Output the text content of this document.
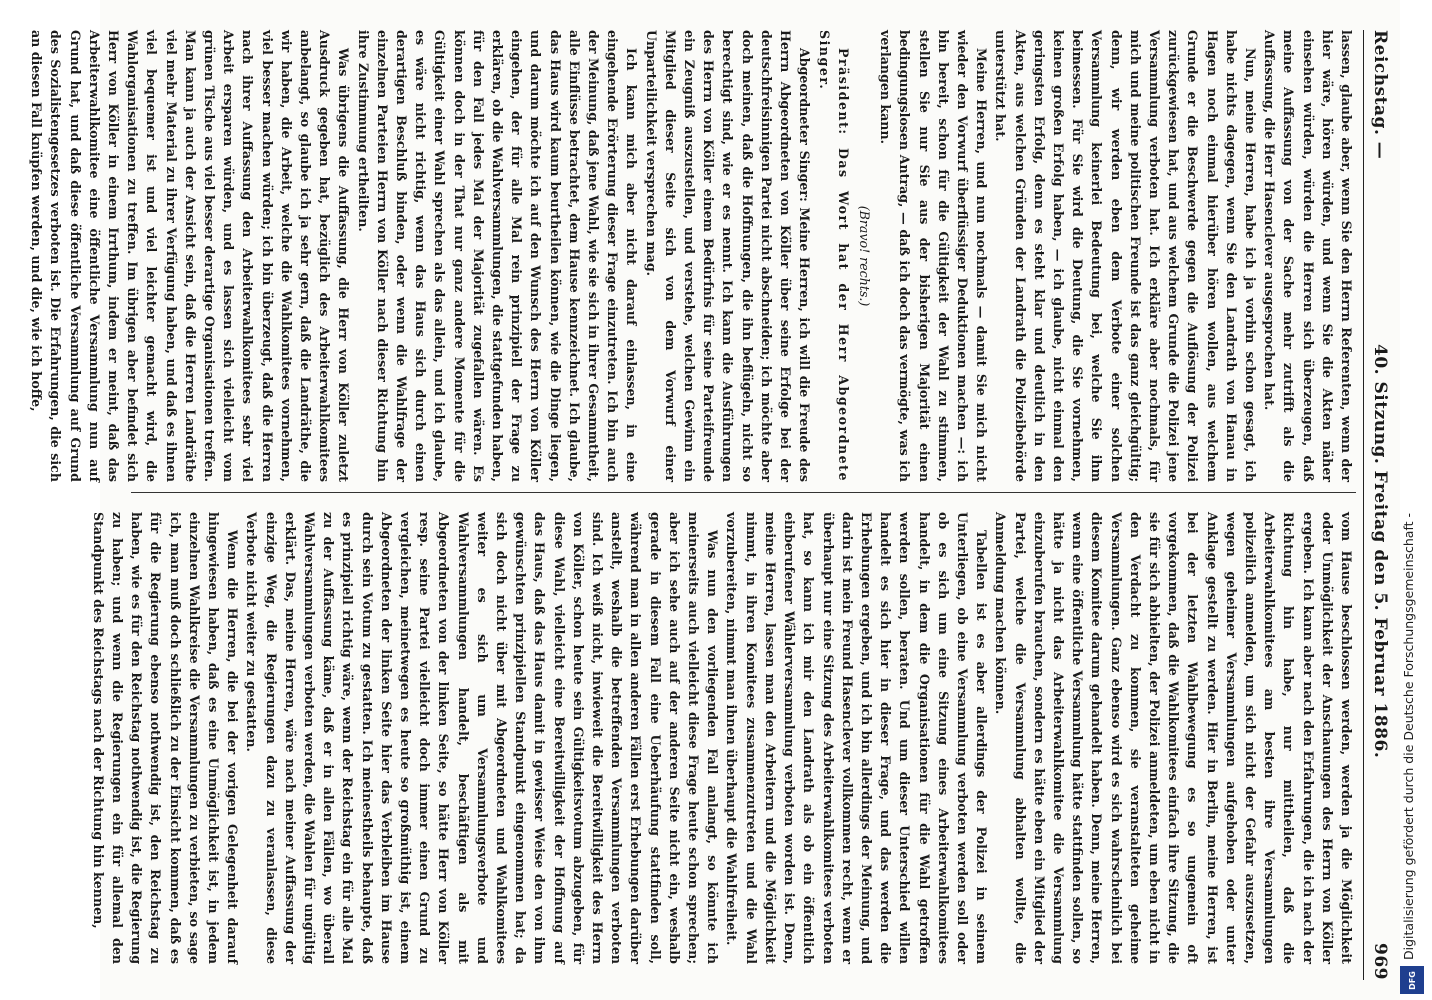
Reichstag. —
40. Sitzung. Freitag den 5. Februar 1886.
969

lassen, glaube aber, wenn Sie den Herrn Referenten, wenn der hier wäre, hören würden, und wenn Sie die Akten näher einsehen würden, würden die Herren sich überzeugen, daß meine Auffassung von der Sache mehr zutrifft als die Auffassung, die Herr Hasenclever ausgesprochen hat.

Nun, meine Herren, habe ich ja vorhin schon gesagt, ich habe nichts dagegen, wenn Sie den Landrath von Hanau in Hagen noch einmal hierüber hören wollen, aus welchem Grunde er die Beschwerde gegen die Auflösung der Polizei zurückgewiesen hat, und aus welchem Grunde die Polizei jene Versammlung verboten hat. Ich erkläre aber nochmals, für mich und meine politischen Freunde ist das ganz gleichgültig; denn, wir werden eben dem Verbote einer solchen Versammlung keinerlei Bedeutung bei, welche Sie ihm beimessen. Für Sie wird die Deutung, die Sie vornehmen, keinen großen Erfolg haben, — ich glaube, nicht einmal den geringsten Erfolg, denn es steht klar und deutlich in den Akten, aus welchen Gründen der Landrath die Polizeibehörde unterstützt hat.

Meine Herren, und nun nochmals — damit Sie mich nicht wieder den Vorwurf überflüssiger Deduktionen machen —: ich bin bereit, schon für die Gültigkeit der Wahl zu stimmen, stellen Sie nur Sie aus der bisherigen Majorität einen bedingungslosen Antrag, — daß ich doch das vermögte, was ich verlangen kann.

(Bravo! rechts.)

Präsident: Das Wort hat der Herr Abgeordnete Singer.

Abgeordneter Singer: Meine Herren, ich will die Freude des Herrn Abgeordneten von Köller über seine Erfolge bei der deutschfreisinnigen Partei nicht abschneiden; ich möchte aber doch meinen, daß die Hoffnungen, die ihn beflügeln, nicht so berechtigt sind, wie er es nennt. Ich kann die Ausführungen des Herrn von Köller einem Bedürfnis für seine Parteifreunde ein Zeugniß auszustellen, und verstehe, welchen Gewinn ein Mitglied dieser Seite sich von dem Vorwurf einer Unparteilichkeit versprechen mag.

Ich kann mich aber nicht darauf einlassen, in eine eingehende Erörterung dieser Frage einzutreten. Ich bin auch der Meinung, daß jene Wahl, wie sie sich in ihrer Gesammtheit, alle Einflüsse betrachtet, dem Hause kennzeichnet. Ich glaube, das Haus wird kaum beurtheilen können, wie die Dinge liegen, und darum möchte ich auf den Wunsch des Herrn von Köller eingehen, der für alle Mal rein prinzipiell der Frage zu erklären, ob die Wahlversammlungen, die stattgefunden haben, für den Fall jedes Mal der Majorität zugefallen wären. Es können doch in der That nur ganz andere Momente für die Gültigkeit einer Wahl sprechen als das allein, und ich glaube, es wäre nicht richtig, wenn das Haus sich durch einen derartigen Beschluß binden, oder wenn die Wahlfrage der einzelnen Parteien Herrn von Köller nach dieser Richtung hin ihre Zustimmung ertheilten.

Was übrigens die Auffassung, die Herr von Köller zuletzt Ausdruck gegeben hat, bezüglich des Arbeiterwahlkomitees anbelangt, so glaube ich ja sehr gern, daß die Landräthe, die wir haben, die Arbeit, welche die Wahlkomitees vornehmen, viel besser machen würden; ich bin überzeugt, daß die Herren nach ihrer Auffassung den Arbeiterwahlkomitees sehr viel Arbeit ersparen würden, und es lassen sich vielleicht vom grünen Tische aus viel besser derartige Organisationen treffen. Man kann ja auch der Ansicht sein, daß die Herren Landräthe viel mehr Material zu ihrer Verfügung haben, und daß es ihnen viel bequemer ist und viel leichter gemacht wird, die Wahlorganisationen zu treffen. Im übrigen aber befindet sich Herr von Köller in einem Irrthum, indem er meint, daß das Arbeiterwahlkomitee eine öffentliche Versammlung nun auf Grund hat, und daß diese öffentliche Versammlung auf Grund des Sozialistengesetzes verboten ist. Die Erfahrungen, die sich an diesen Fall knüpfen werden, und die, wie ich hoffe,

vom Hause beschlossen werden, werden ja die Möglichkeit oder Unmöglichkeit der Anschauungen des Herrn von Köller ergeben. Ich kann aber nach den Erfahrungen, die ich nach der Richtung hin habe, nur mittheilen, daß die Arbeiterwahlkomitees am besten ihre Versammlungen polizeilich anmelden, um sich nicht der Gefahr auszusetzen, wegen geheimer Versammlungen aufgehoben oder unter Anklage gestellt zu werden. Hier in Berlin, meine Herren, ist bei der letzten Wahlbewegung es so ungemein oft vorgekommen, daß die Wahlkomitees einfach ihre Sitzung, die sie für sich abhielten, der Polizei anmeldeten, um eben nicht in den Verdacht zu kommen, sie veranstalteten geheime Versammlungen. Ganz ebenso wird es sich wahrscheinlich bei diesem Komitee darum gehandelt haben. Denn, meine Herren, wenn eine öffentliche Versammlung hätte stattfinden sollen, so hätte ja nicht das Arbeiterwahlkomitee die Versammlung einzuberufen brauchen, sondern es hätte eben ein Mitglied der Partei, welche die Versammlung abhalten wollte, die Anmeldung machen können.

Tabellen ist es aber allerdings der Polizei in seinem Unterliegen, ob eine Versammlung verboten werden soll oder ob es sich um eine Sitzung eines Arbeiterwahlkomitees handelt, in dem die Organisationen für die Wahl getroffen werden sollen, beraten. Und um dieser Unterschied willen handelt es sich hier in dieser Frage, und das werden die Erhebungen ergeben, und ich bin allerdings der Meinung, und darin ist mein Freund Hasenclever vollkommen recht, wenn er überhaupt nur eine Sitzung des Arbeiterwahlkomitees verboten hat, so kann ich mir den Landrath als ob ein öffentlich einberufener Wählerversammlung verboten worden ist. Denn, meine Herren, lassen man den Arbeitern und die Möglichkeit nimmt, in ihren Komitees zusammenzutreten und die Wahl vorzubereiten, nimmt man ihnen überhaupt die Wahlfreiheit.

Was nun den vorliegenden Fall anlangt, so könnte ich meinerseits auch vielleicht diese Frage heute schon sprechen; aber ich sehe auch auf der anderen Seite nicht ein, weshalb gerade in diesem Fall eine Ueberhäufung stattfinden soll, während man in allen anderen Fällen erst Erhebungen darüber anstellt, weshalb die betreffenden Versammlungen verboten sind. Ich weiß nicht, inwieweit die Bereitwilligkeit des Herrn von Köller, schon heute sein Gültigkeitsvotum abzugeben, für diese Wahl, vielleicht eine Bereitwilligkeit der Hoffnung auf das Haus, daß das Haus damit in gewisser Weise den von ihm gewünschten prinzipiellen Standpunkt eingenommen hat; da sich doch nicht über mit Abgeordneten und Wahlkomitees weiter es sich um Versammlungsverbote und Wahlversammlungen handelt, beschäftigen als mit Abgeordneten von der linken Seite, so hätte Herr von Köller resp. seine Partei vielleicht doch immer einen Grund zu vergleichen, meinetwegen es heute so großmüthig ist, einem Abgeordneten der linken Seite hier das Verbleiben im Hause durch sein Votum zu gestatten. Ich meinestheils behaupte, daß es prinzipiell richtig wäre, wenn der Reichstag ein für alle Mal zu der Auffassung käme, daß er in allen Fällen, wo überall Wahlversammlungen verboten werden, die Wahlen für ungültig erklärt. Das, meine Herren, wäre nach meiner Auffassung der einzige Weg, die Regierungen dazu zu veranlassen, diese Verbote nicht weiter zu gestatten.

Wenn die Herren, die bei der vorigen Gelegenheit darauf hingewiesen haben, daß es eine Unmöglichkeit ist, in jedem einzelnen Wahlkreise die Versammlungen zu verbieten, so sage ich, man muß doch schließlich zu der Einsicht kommen, daß es für die Regierung ebenso nothwendig ist, den Reichstag zu haben, wie es für den Reichstag nothwendig ist, die Regierung zu haben; und wenn die Regierungen ein für allemal den Standpunkt des Reichstags nach der Richtung hin kennen,	Digitalisierung gefördert durch die Deutsche Forschungsgemeinschaft -
DFG
